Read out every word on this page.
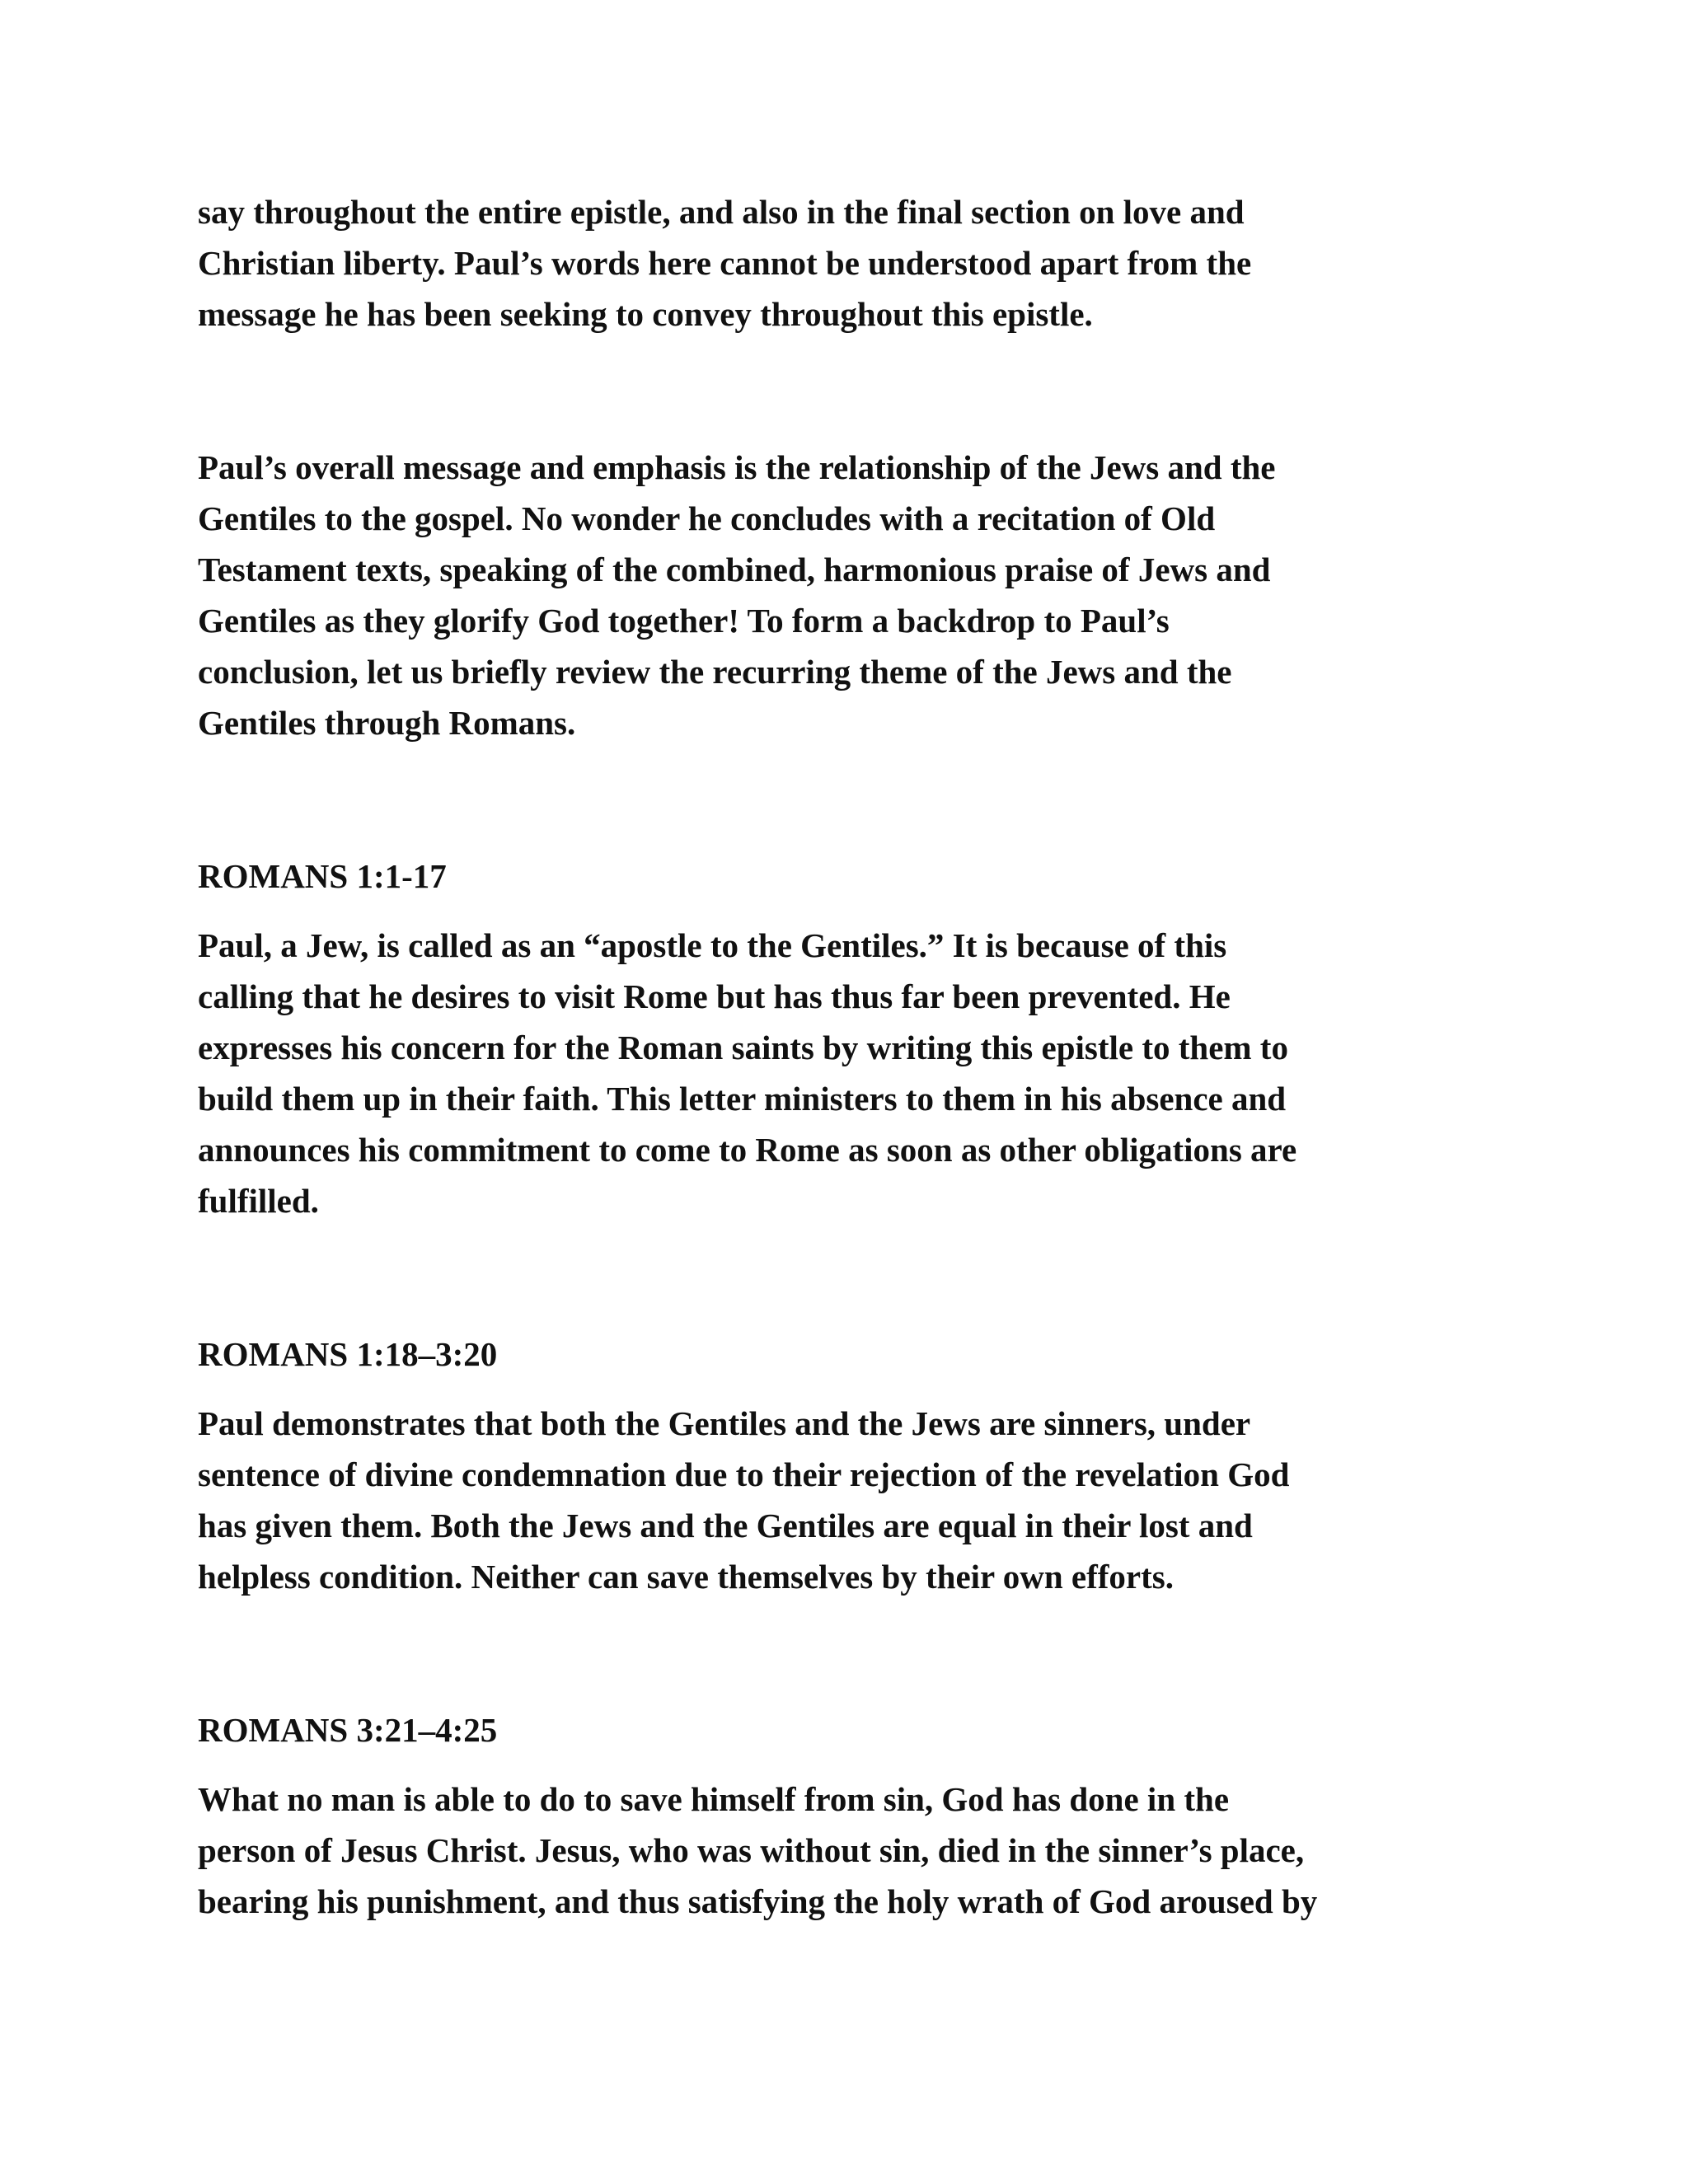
say throughout the entire epistle, and also in the final section on love and
Christian liberty. Paul’s words here cannot be understood apart from the
message he has been seeking to convey throughout this epistle.

Paul’s overall message and emphasis is the relationship of the Jews and the
Gentiles to the gospel. No wonder he concludes with a recitation of Old
Testament texts, speaking of the combined, harmonious praise of Jews and
Gentiles as they glorify God together! To form a backdrop to Paul’s
conclusion, let us briefly review the recurring theme of the Jews and the
Gentiles through Romans.

ROMANS 1:1-17

Paul, a Jew, is called as an “apostle to the Gentiles.” It is because of this
calling that he desires to visit Rome but has thus far been prevented. He
expresses his concern for the Roman saints by writing this epistle to them to
build them up in their faith. This letter ministers to them in his absence and
announces his commitment to come to Rome as soon as other obligations are
fulfilled.

ROMANS 1:18–3:20

Paul demonstrates that both the Gentiles and the Jews are sinners, under
sentence of divine condemnation due to their rejection of the revelation God
has given them. Both the Jews and the Gentiles are equal in their lost and
helpless condition. Neither can save themselves by their own efforts.

ROMANS 3:21–4:25

What no man is able to do to save himself from sin, God has done in the
person of Jesus Christ. Jesus, who was without sin, died in the sinner’s place,
bearing his punishment, and thus satisfying the holy wrath of God aroused by
